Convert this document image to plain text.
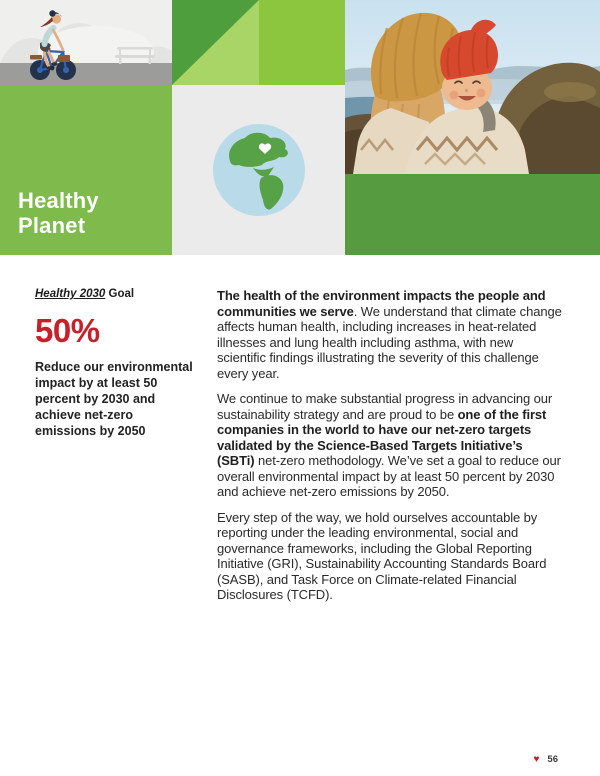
Healthy
Planet

Healthy 2030 Goal

50%

Reduce our environmental impact by at least 50 percent by 2030 and achieve net-zero emissions by 2050

The health of the environment impacts the people and communities we serve. We understand that climate change affects human health, including increases in heat-related illnesses and lung health including asthma, with new scientific findings illustrating the severity of this challenge every year.

We continue to make substantial progress in advancing our sustainability strategy and are proud to be one of the first companies in the world to have our net-zero targets validated by the Science-Based Targets Initiative’s (SBTi) net-zero methodology. We’ve set a goal to reduce our overall environmental impact by at least 50 percent by 2030 and achieve net-zero emissions by 2050.

Every step of the way, we hold ourselves accountable by reporting under the leading environmental, social and governance frameworks, including the Global Reporting Initiative (GRI), Sustainability Accounting Standards Board (SASB), and Task Force on Climate-related Financial Disclosures (TCFD).

♥ 56
